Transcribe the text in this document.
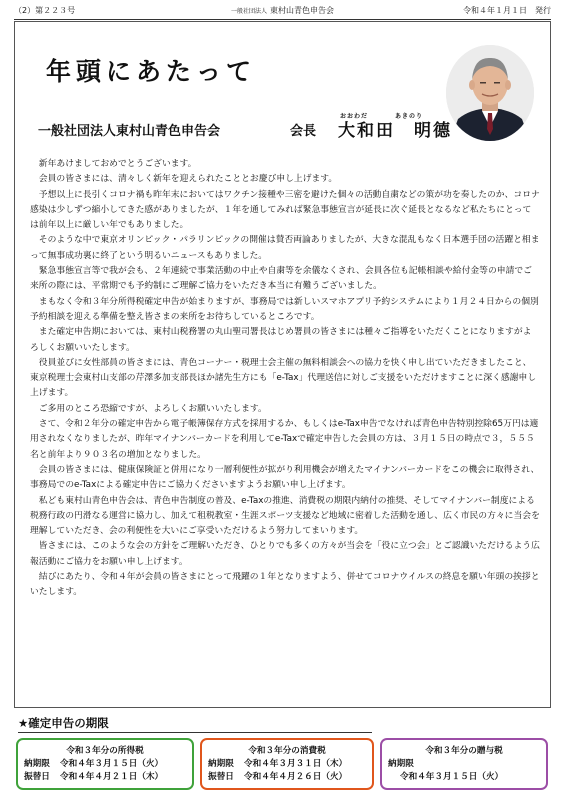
（2）第２２３号	一般社団法人 東村山青色申告会	令和４年１月１日　発行
年頭にあたって
一般社団法人東村山青色申告会	会長
おおわだ	あきのり
大和田　明德

新年あけましておめでとうございます。

会員の皆さまには、清々しく新年を迎えられたこととお慶び申し上げます。

予想以上に長引くコロナ禍も昨年末においてはワクチン接種や三密を避けた個々の活動自粛などの策が功を奏したのか、コロナ感染は少しずつ縮小してきた感がありましたが、１年を通してみれば緊急事態宣言が延長に次ぐ延長となるなど私たちにとっては前年以上に厳しい年でもありました。

そのような中で東京オリンピック・パラリンピックの開催は賛否両論ありましたが、大きな混乱もなく日本選手団の活躍と相まって無事成功裏に終了という明るいニュースもありました。

緊急事態宣言等で我が会も、２年連続で事業活動の中止や自粛等を余儀なくされ、会員各位も記帳相談や給付金等の申請でご来所の際には、平常期でも予約制にご理解ご協力をいただき本当に有難うございました。

まもなく令和３年分所得税確定申告が始まりますが、事務局では新しいスマホアプリ予約システムにより１月２４日からの個別予約相談を迎える準備を整え皆さまの来所をお待ちしているところです。

また確定申告期においては、東村山税務署の丸山聖司署長はじめ署員の皆さまには種々ご指導をいただくことになりますがよろしくお願いいたします。

役員並びに女性部員の皆さまには、青色コーナー・税理士会主催の無料相談会への協力を快く申し出ていただきましたこと、東京税理士会東村山支部の芹澤多加支部長ほか諸先生方にも「e-Tax」代理送信に対しご支援をいただけますことに深く感謝申し上げます。

ご多用のところ恐縮ですが、よろしくお願いいたします。

さて、令和２年分の確定申告から電子帳簿保存方式を採用するか、もしくはe-Tax申告でなければ青色申告特別控除65万円は適用されなくなりましたが、昨年マイナンバーカードを利用してe-Taxで確定申告した会員の方は、３月１５日の時点で３，５５５名と前年より９０３名の増加となりました。

会員の皆さまには、健康保険証と併用になり一層利便性が拡がり利用機会が増えたマイナンバーカードをこの機会に取得され、事務局でのe-Taxによる確定申告にご協力くださいますようお願い申し上げます。

私ども東村山青色申告会は、青色申告制度の普及、e-Taxの推進、消費税の期限内納付の推奨、そしてマイナンバー制度による税務行政の円滑なる運営に協力し、加えて租税教室・生涯スポーツ支援など地域に密着した活動を通し、広く市民の方々に当会を理解していただき、会の利便性を大いにご享受いただけるよう努力してまいります。

皆さまには、このような会の方針をご理解いただき、ひとりでも多くの方々が当会を「役に立つ会」とご認識いただけるよう広報活動にご協力をお願い申し上げます。

結びにあたり、令和４年が会員の皆さまにとって飛躍の１年となりますよう、併せてコロナウイルスの終息を願い年頭の挨拶といたします。

★確定申告の期限
令和３年分の所得税
納期限 令和４年３月１５日（火）
振替日 令和４年４月２１日（木）
令和３年分の消費税
納期限 令和４年３月３１日（木）
振替日 令和４年４月２６日（火）
令和３年分の贈与税
納期限
令和４年３月１５日（火）
